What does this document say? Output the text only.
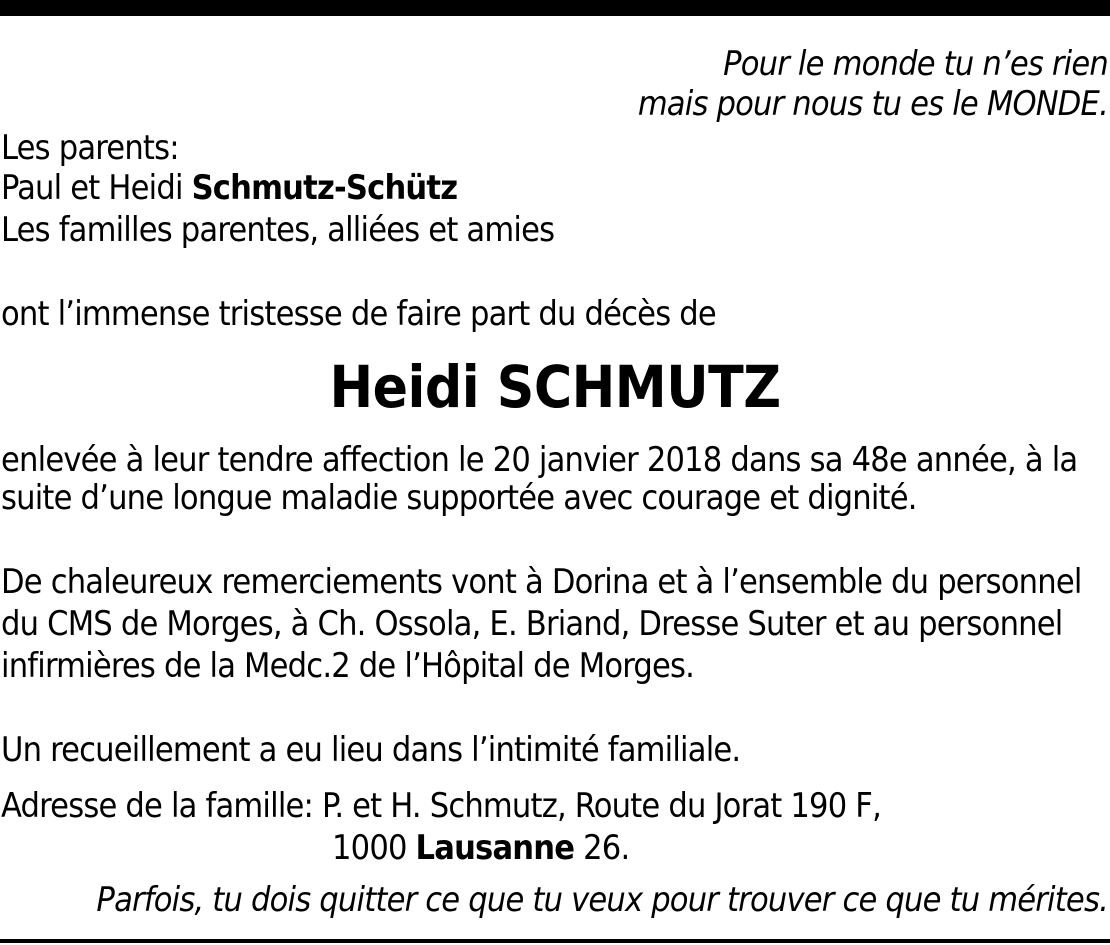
Pour le monde tu n’es rien
mais pour nous tu es le MONDE.
Les parents:
Paul et Heidi Schmutz-Schütz
Les familles parentes, alliées et amies
ont l’immense tristesse de faire part du décès de
Heidi SCHMUTZ
enlevée à leur tendre affection le 20 janvier 2018 dans sa 48e année, à la
suite d’une longue maladie supportée avec courage et dignité.
De chaleureux remerciements vont à Dorina et à l’ensemble du personnel
du CMS de Morges, à Ch. Ossola, E. Briand, Dresse Suter et au personnel
infirmières de la Medc.2 de l’Hôpital de Morges.
Un recueillement a eu lieu dans l’intimité familiale.
Adresse de la famille: P. et H. Schmutz, Route du Jorat 190 F,
1000 Lausanne 26.
Parfois, tu dois quitter ce que tu veux pour trouver ce que tu mérites.
